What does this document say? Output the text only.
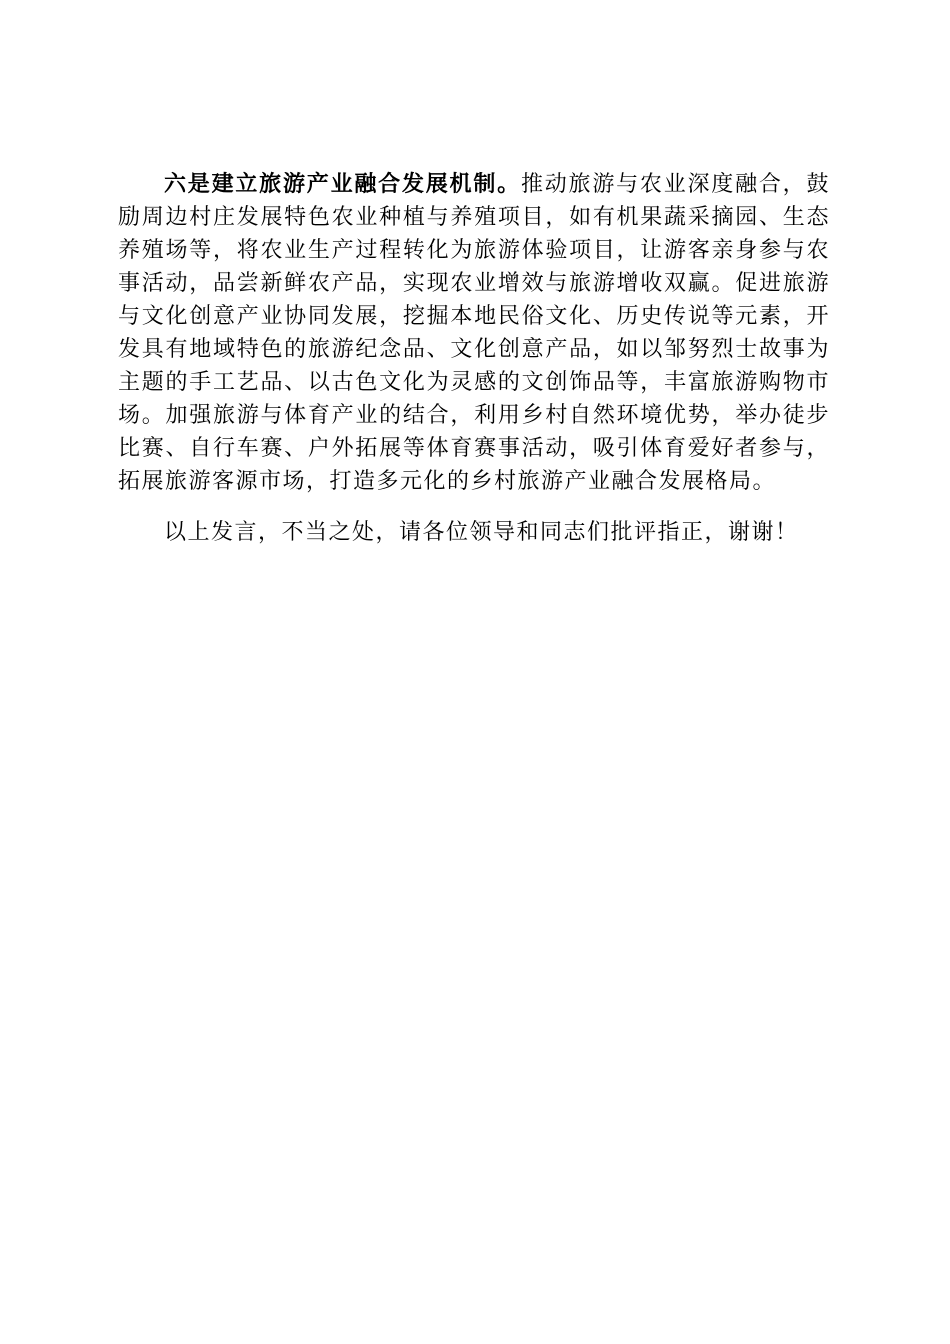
六是建立旅游产业融合发展机制。推动旅游与农业深度融合，鼓励周边村庄发展特色农业种植与养殖项目，如有机果蔬采摘园、生态养殖场等，将农业生产过程转化为旅游体验项目，让游客亲身参与农事活动，品尝新鲜农产品，实现农业增效与旅游增收双赢。促进旅游与文化创意产业协同发展，挖掘本地民俗文化、历史传说等元素，开发具有地域特色的旅游纪念品、文化创意产品，如以邹努烈士故事为主题的手工艺品、以古色文化为灵感的文创饰品等，丰富旅游购物市场。加强旅游与体育产业的结合，利用乡村自然环境优势，举办徒步比赛、自行车赛、户外拓展等体育赛事活动，吸引体育爱好者参与，拓展旅游客源市场，打造多元化的乡村旅游产业融合发展格局。

以上发言，不当之处，请各位领导和同志们批评指正，谢谢！
